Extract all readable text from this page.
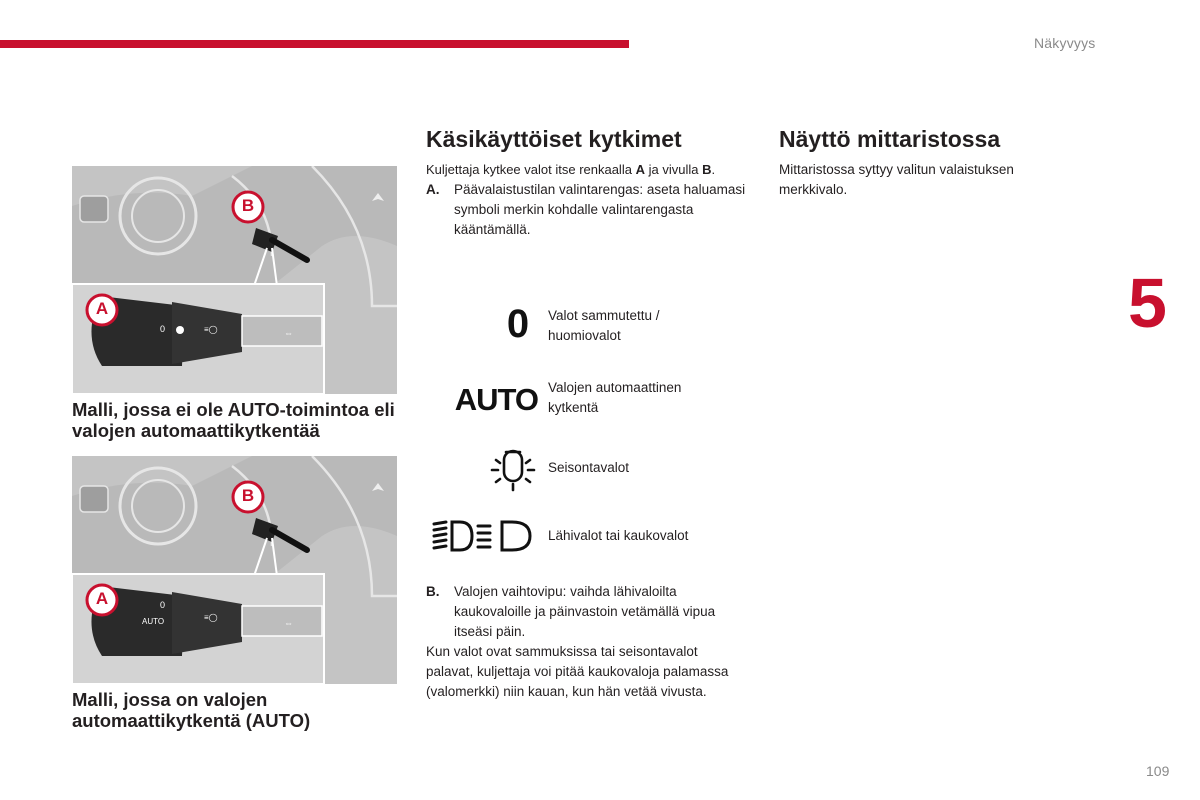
Näkyvyys
5
109
0	≡◯	⇔
A
B
Malli, jossa ei ole AUTO-toimintoa eli valojen automaattikytkentää
0
AUTO	≡◯
⇔
A
B
Malli, jossa on valojen automaattikytkentä (AUTO)
Käsikäyttöiset kytkimet
Kuljettaja kytkee valot itse renkaalla A ja vivulla B.
A. Päävalaistustilan valintarengas: aseta haluamasi symboli merkin kohdalle valintarengasta kääntämällä.
0	Valot sammutettu /
huomiovalot
AUTO Valojen automaattinen
kytkentä
Seisontavalot
Lähivalot tai kaukovalot
B. Valojen vaihtovipu: vaihda lähivaloilta kaukovaloille ja päinvastoin vetämällä vipua itseäsi päin.
Kun valot ovat sammuksissa tai seisontavalot palavat, kuljettaja voi pitää kaukovaloja palamassa (valomerkki) niin kauan, kun hän vetää vivusta.
Näyttö mittaristossa
Mittaristossa syttyy valitun valaistuksen merkkivalo.
